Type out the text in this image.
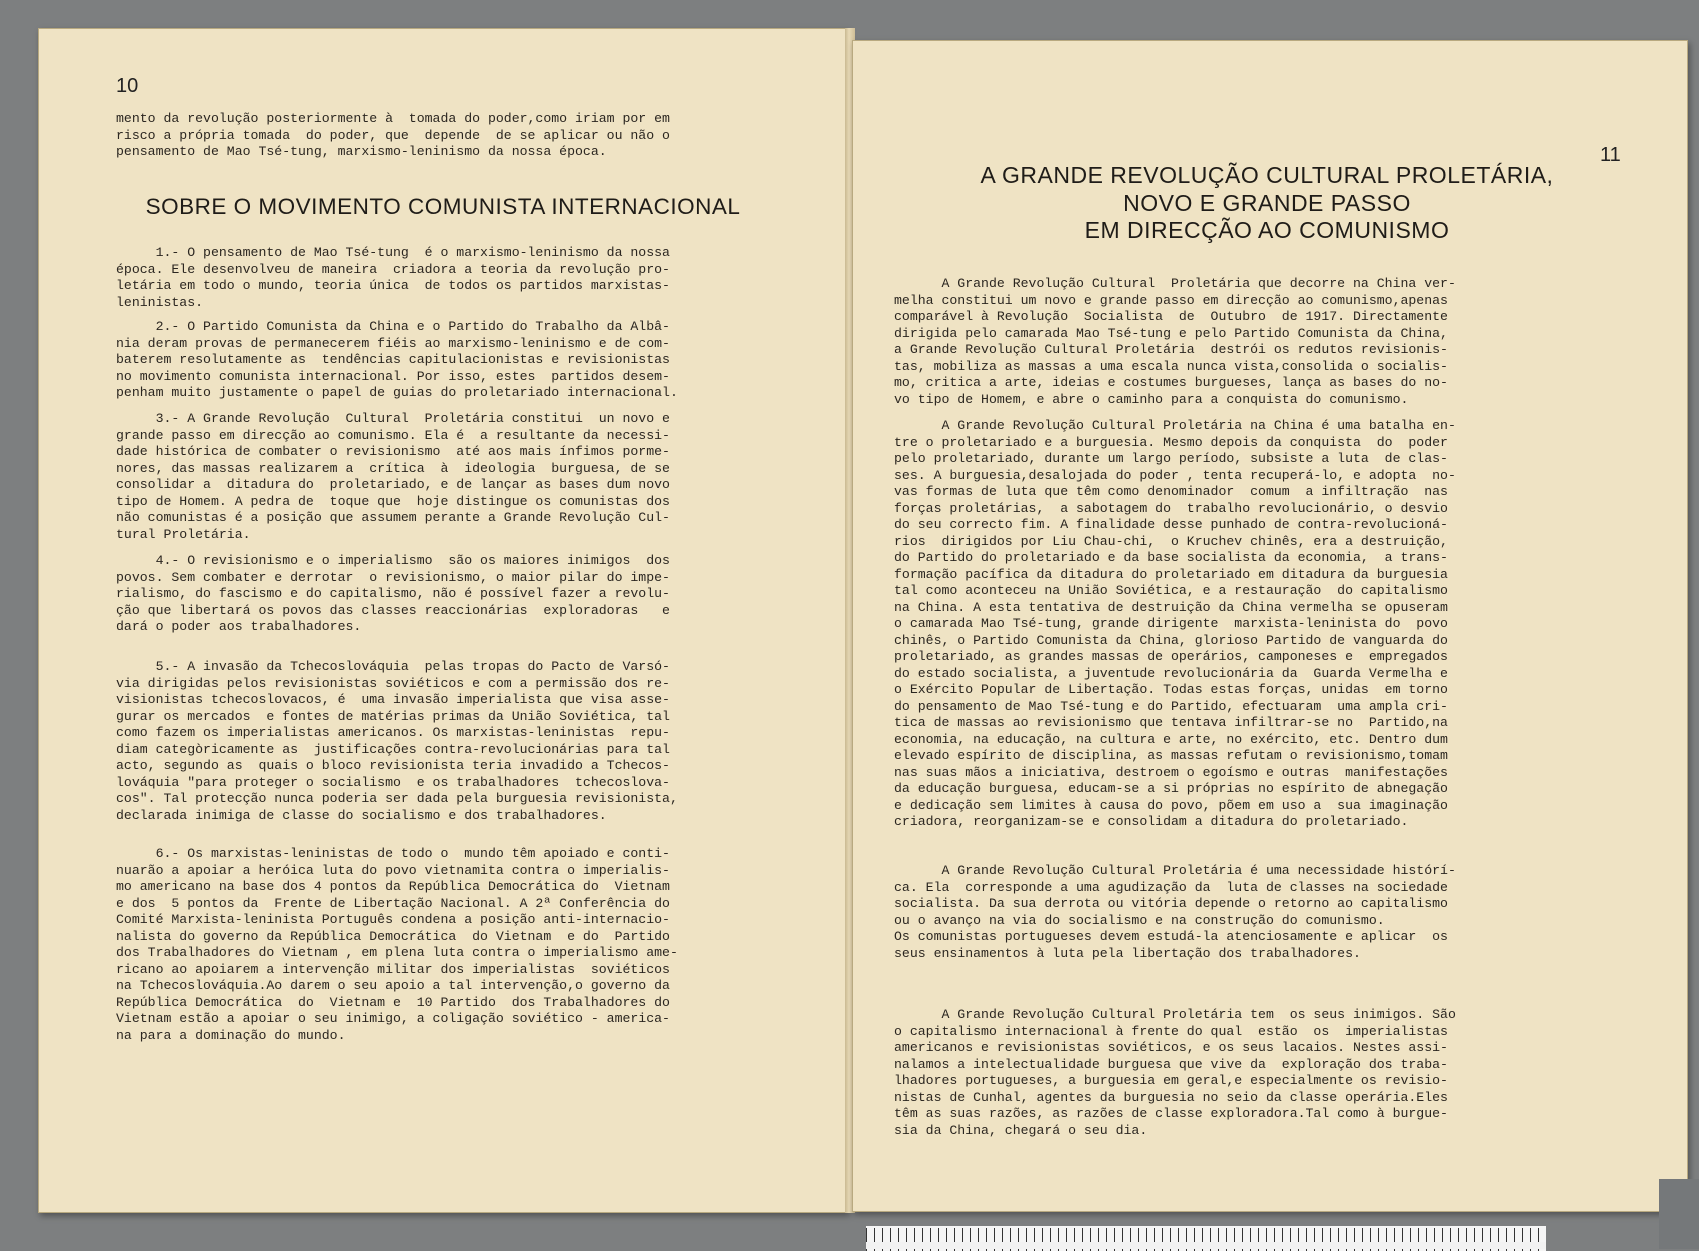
10
mento da revolução posteriormente à  tomada do poder,como iriam por em
risco a própria tomada  do poder, que  depende  de se aplicar ou não o
pensamento de Mao Tsé-tung, marxismo-leninismo da nossa época.
SOBRE O MOVIMENTO COMUNISTA INTERNACIONAL
1.- O pensamento de Mao Tsé-tung  é o marxismo-leninismo da nossa
época. Ele desenvolveu de maneira  criadora a teoria da revolução pro-
letária em todo o mundo, teoria única  de todos os partidos marxistas-
leninistas.
2.- O Partido Comunista da China e o Partido do Trabalho da Albâ-
nia deram provas de permanecerem fiéis ao marxismo-leninismo e de com-
baterem resolutamente as  tendências capitulacionistas e revisionistas
no movimento comunista internacional. Por isso, estes  partidos desem-
penham muito justamente o papel de guias do proletariado internacional.
3.- A Grande Revolução  Cultural  Proletária constitui  un novo e
grande passo em direcção ao comunismo. Ela é  a resultante da necessi-
dade histórica de combater o revisionismo  até aos mais ínfimos porme-
nores, das massas realizarem a  crítica  à  ideologia  burguesa, de se
consolidar a  ditadura do  proletariado, e de lançar as bases dum novo
tipo de Homem. A pedra de  toque que  hoje distingue os comunistas dos
não comunistas é a posição que assumem perante a Grande Revolução Cul-
tural Proletária.
4.- O revisionismo e o imperialismo  são os maiores inimigos  dos
povos. Sem combater e derrotar  o revisionismo, o maior pilar do impe-
rialismo, do fascismo e do capitalismo, não é possível fazer a revolu-
ção que libertará os povos das classes reaccionárias  exploradoras   e
dará o poder aos trabalhadores.
5.- A invasão da Tchecoslováquia  pelas tropas do Pacto de Varsó-
via dirigidas pelos revisionistas soviéticos e com a permissão dos re-
visionistas tchecoslovacos, é  uma invasão imperialista que visa asse-
gurar os mercados  e fontes de matérias primas da União Soviética, tal
como fazem os imperialistas americanos. Os marxistas-leninistas  repu-
diam categòricamente as  justificações contra-revolucionárias para tal
acto, segundo as  quais o bloco revisionista teria invadido a Tchecos-
lováquia "para proteger o socialismo  e os trabalhadores  tchecoslova-
cos". Tal protecção nunca poderia ser dada pela burguesia revisionista,
declarada inimiga de classe do socialismo e dos trabalhadores.
6.- Os marxistas-leninistas de todo o  mundo têm apoiado e conti-
nuarão a apoiar a heróica luta do povo vietnamita contra o imperialis-
mo americano na base dos 4 pontos da República Democrática do  Vietnam
e dos  5 pontos da  Frente de Libertação Nacional. A 2ª Conferência do
Comité Marxista-leninista Português condena a posição anti-internacio-
nalista do governo da República Democrática  do Vietnam  e do  Partido
dos Trabalhadores do Vietnam , em plena luta contra o imperialismo ame-
ricano ao apoiarem a intervenção militar dos imperialistas  soviéticos
na Tchecoslováquia.Ao darem o seu apoio a tal intervenção,o governo da
República Democrática  do  Vietnam e  10 Partido  dos Trabalhadores do
Vietnam estão a apoiar o seu inimigo, a coligação soviético - america-
na para a dominação do mundo.
11
A GRANDE REVOLUÇÃO CULTURAL PROLETÁRIA,
NOVO E GRANDE PASSO
EM DIRECÇÃO AO COMUNISMO
A Grande Revolução Cultural  Proletária que decorre na China ver-
melha constitui um novo e grande passo em direcção ao comunismo,apenas
comparável à Revolução  Socialista  de  Outubro  de 1917. Directamente
dirigida pelo camarada Mao Tsé-tung e pelo Partido Comunista da China,
a Grande Revolução Cultural Proletária  destrói os redutos revisionis-
tas, mobiliza as massas a uma escala nunca vista,consolida o socialis-
mo, critica a arte, ideias e costumes burgueses, lança as bases do no-
vo tipo de Homem, e abre o caminho para a conquista do comunismo.
A Grande Revolução Cultural Proletária na China é uma batalha en-
tre o proletariado e a burguesia. Mesmo depois da conquista  do  poder
pelo proletariado, durante um largo período, subsiste a luta  de clas-
ses. A burguesia,desalojada do poder , tenta recuperá-lo, e adopta  no-
vas formas de luta que têm como denominador  comum  a infiltração  nas
forças proletárias,  a sabotagem do  trabalho revolucionário, o desvio
do seu correcto fim. A finalidade desse punhado de contra-revolucioná-
rios  dirigidos por Liu Chau-chi,  o Kruchev chinês, era a destruição,
do Partido do proletariado e da base socialista da economia,  a trans-
formação pacífica da ditadura do proletariado em ditadura da burguesia
tal como aconteceu na União Soviética, e a restauração  do capitalismo
na China. A esta tentativa de destruição da China vermelha se opuseram
o camarada Mao Tsé-tung, grande dirigente  marxista-leninista do  povo
chinês, o Partido Comunista da China, glorioso Partido de vanguarda do
proletariado, as grandes massas de operários, camponeses e  empregados
do estado socialista, a juventude revolucionária da  Guarda Vermelha e
o Exército Popular de Libertação. Todas estas forças, unidas  em torno
do pensamento de Mao Tsé-tung e do Partido, efectuaram  uma ampla cri-
tica de massas ao revisionismo que tentava infiltrar-se no  Partido,na
economia, na educação, na cultura e arte, no exército, etc. Dentro dum
elevado espírito de disciplina, as massas refutam o revisionismo,tomam
nas suas mãos a iniciativa, destroem o egoísmo e outras  manifestações
da educação burguesa, educam-se a si próprias no espírito de abnegação
e dedicação sem limites à causa do povo, põem em uso a  sua imaginação
criadora, reorganizam-se e consolidam a ditadura do proletariado.
A Grande Revolução Cultural Proletária é uma necessidade histórí-
ca. Ela  corresponde a uma agudização da  luta de classes na sociedade
socialista. Da sua derrota ou vitória depende o retorno ao capitalismo
ou o avanço na via do socialismo e na construção do comunismo.
Os comunistas portugueses devem estudá-la atenciosamente e aplicar  os
seus ensinamentos à luta pela libertação dos trabalhadores.
A Grande Revolução Cultural Proletária tem  os seus inimigos. São
o capitalismo internacional à frente do qual  estão  os  imperialistas
americanos e revisionistas soviéticos, e os seus lacaios. Nestes assi-
nalamos a intelectualidade burguesa que vive da  exploração dos traba-
lhadores portugueses, a burguesia em geral,e especialmente os revisio-
nistas de Cunhal, agentes da burguesia no seio da classe operária.Eles
têm as suas razões, as razões de classe exploradora.Tal como à burgue-
sia da China, chegará o seu dia.
